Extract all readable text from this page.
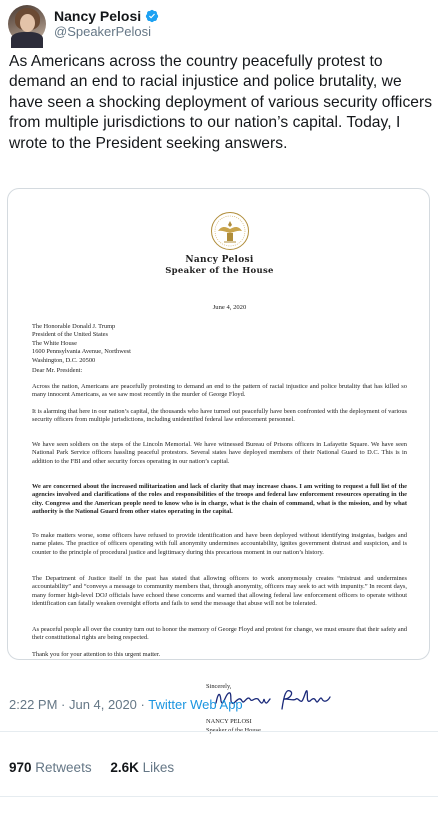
Nancy Pelosi
@SpeakerPelosi
As Americans across the country peacefully protest to demand an end to racial injustice and police brutality, we have seen a shocking deployment of various security officers from multiple jurisdictions to our nation’s capital. Today, I wrote to the President seeking answers.
Nancy Pelosi
Speaker of the House
June 4, 2020
The Honorable Donald J. Trump
President of the United States
The White House
1600 Pennsylvania Avenue, Northwest
Washington, D.C. 20500
Dear Mr. President:
Across the nation, Americans are peacefully protesting to demand an end to the pattern of racial injustice and police brutality that has killed so many innocent Americans, as we saw most recently in the murder of George Floyd.
It is alarming that here in our nation’s capital, the thousands who have turned out peacefully have been confronted with the deployment of various security officers from multiple jurisdictions, including unidentified federal law enforcement personnel.
We have seen soldiers on the steps of the Lincoln Memorial. We have witnessed Bureau of Prisons officers in Lafayette Square. We have seen National Park Service officers hassling peaceful protestors. Several states have deployed members of their National Guard to D.C. This is in addition to the FBI and other security forces operating in our nation’s capital.
We are concerned about the increased militarization and lack of clarity that may increase chaos. I am writing to request a full list of the agencies involved and clarifications of the roles and responsibilities of the troops and federal law enforcement resources operating in the city. Congress and the American people need to know who is in charge, what is the chain of command, what is the mission, and by what authority is the National Guard from other states operating in the capital.
To make matters worse, some officers have refused to provide identification and have been deployed without identifying insignias, badges and name plates. The practice of officers operating with full anonymity undermines accountability, ignites government distrust and suspicion, and is counter to the principle of procedural justice and legitimacy during this precarious moment in our nation’s history.
The Department of Justice itself in the past has stated that allowing officers to work anonymously creates “mistrust and undermines accountability” and “conveys a message to community members that, through anonymity, officers may seek to act with impunity.” In recent days, many former high-level DOJ officials have echoed these concerns and warned that allowing federal law enforcement officers to operate without identification can fatally weaken oversight efforts and fails to send the message that abuse will not be tolerated.
As peaceful people all over the country turn out to honor the memory of George Floyd and protest for change, we must ensure that their safety and their constitutional rights are being respected.
Thank you for your attention to this urgent matter.
Sincerely,
NANCY PELOSI
2:22 PM · Jun 4, 2020 · Twitter Web App
970 Retweets 2.6K Likes
